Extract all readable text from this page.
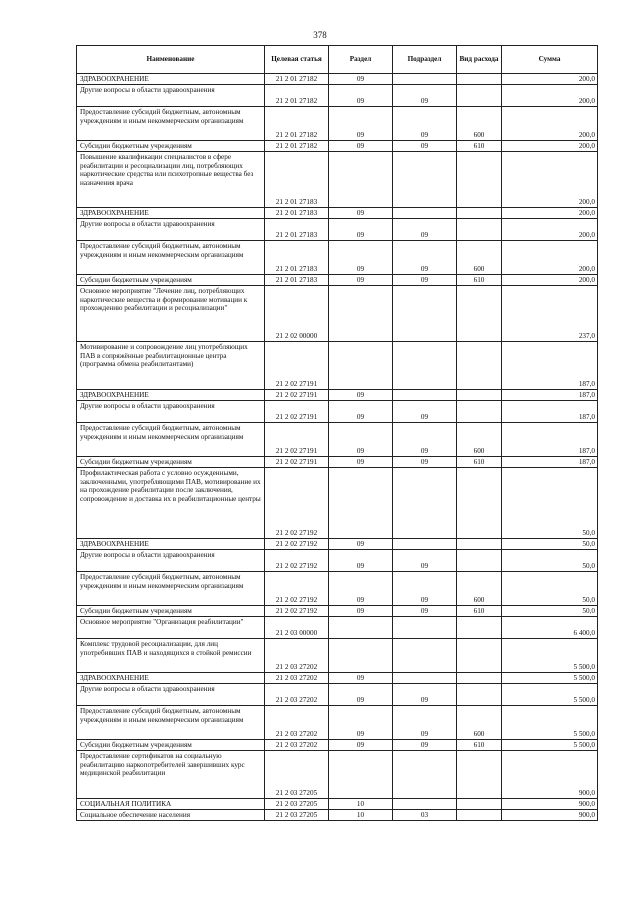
378
Наименование	Целевая статья	Раздел	Подраздел	Вид расхода	Сумма
ЗДРАВООХРАНЕНИЕ	21 2 01 27182	09			200,0
Другие вопросы в области здравоохранения	21 2 01 27182	09	09		200,0
Предоставление субсидий бюджетным, автономным учреждениям и иным некоммерческим организациям	21 2 01 27182	09	09	600	200,0
Субсидии бюджетным учреждениям	21 2 01 27182	09	09	610	200,0
Повышение квалификации специалистов в сфере реабилитации и ресоциализации лиц, потребляющих наркотические средства или психотропные вещества без назначения врача	21 2 01 27183				200,0
ЗДРАВООХРАНЕНИЕ	21 2 01 27183	09			200,0
Другие вопросы в области здравоохранения	21 2 01 27183	09	09		200,0
Предоставление субсидий бюджетным, автономным учреждениям и иным некоммерческим организациям	21 2 01 27183	09	09	600	200,0
Субсидии бюджетным учреждениям	21 2 01 27183	09	09	610	200,0
Основное мероприятие "Лечение лиц, потребляющих наркотические вещества и формирование мотивации к прохождению реабилитации и ресоциализации"	21 2 02 00000				237,0
Мотивирование и сопровождение лиц употребляющих ПАВ в сопряжённые реабилитационные центра (программа обмена реабилитантами)	21 2 02 27191				187,0
ЗДРАВООХРАНЕНИЕ	21 2 02 27191	09			187,0
Другие вопросы в области здравоохранения	21 2 02 27191	09	09		187,0
Предоставление субсидий бюджетным, автономным учреждениям и иным некоммерческим организациям	21 2 02 27191	09	09	600	187,0
Субсидии бюджетным учреждениям	21 2 02 27191	09	09	610	187,0
Профилактическая работа с условно осужденными, заключенными, употребляющими ПАВ, мотивирование их на прохождение реабилитации после заключения, сопровождение и доставка их в реабилитационные центры	21 2 02 27192				50,0
ЗДРАВООХРАНЕНИЕ	21 2 02 27192	09			50,0
Другие вопросы в области здравоохранения	21 2 02 27192	09	09		50,0
Предоставление субсидий бюджетным, автономным учреждениям и иным некоммерческим организациям	21 2 02 27192	09	09	600	50,0
Субсидии бюджетным учреждениям	21 2 02 27192	09	09	610	50,0
Основное мероприятие "Организация реабилитации"	21 2 03 00000				6 400,0
Комплекс трудовой ресоциализации, для лиц употребивших ПАВ и находящихся в стойкой ремиссии	21 2 03 27202				5 500,0
ЗДРАВООХРАНЕНИЕ	21 2 03 27202	09			5 500,0
Другие вопросы в области здравоохранения	21 2 03 27202	09	09		5 500,0
Предоставление субсидий бюджетным, автономным учреждениям и иным некоммерческим организациям	21 2 03 27202	09	09	600	5 500,0
Субсидии бюджетным учреждениям	21 2 03 27202	09	09	610	5 500,0
Предоставление сертификатов на социальную реабилитацию наркопотребителей завершивших курс медицинской реабилитации	21 2 03 27205				900,0
СОЦИАЛЬНАЯ ПОЛИТИКА	21 2 03 27205	10			900,0
Социальное обеспечение населения	21 2 03 27205	10	03		900,0
